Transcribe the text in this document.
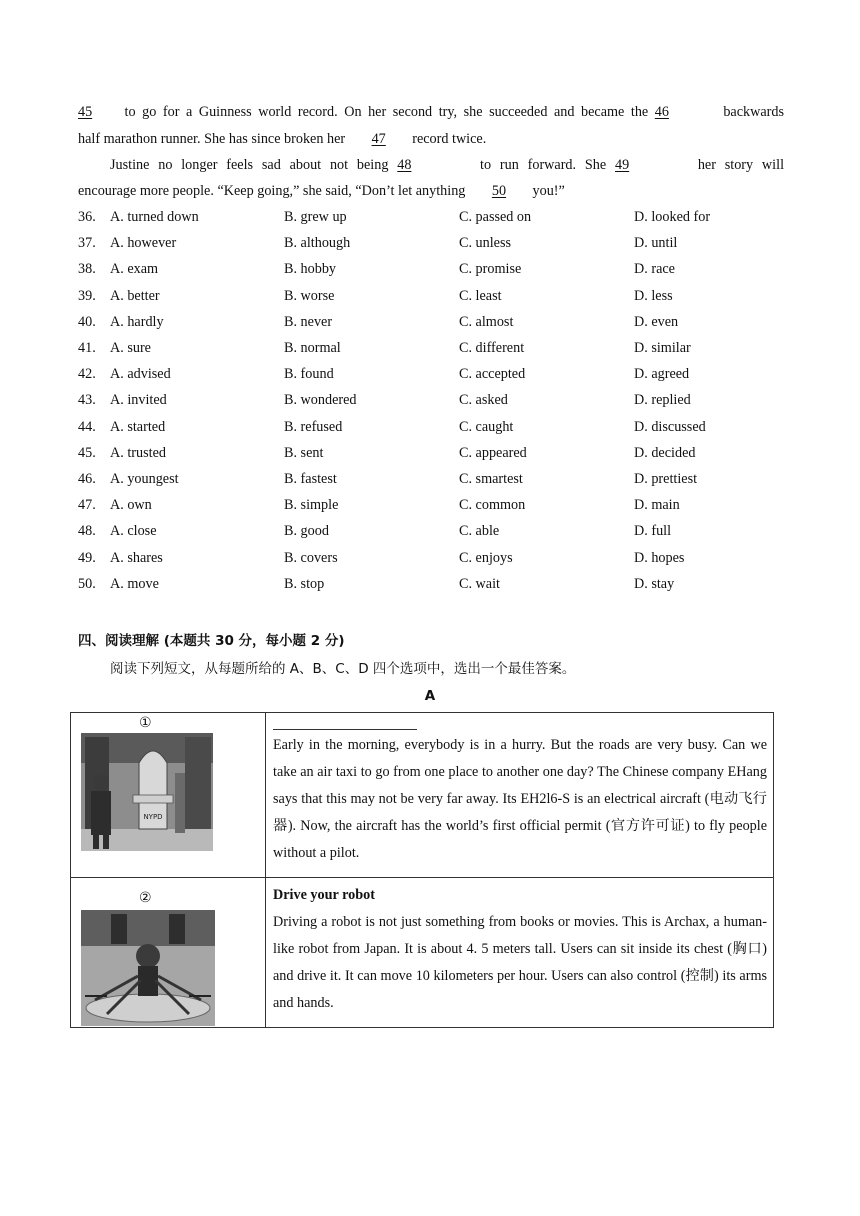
45 to go for a Guinness world record. On her second try, she succeeded and became the 46	backwards
half marathon runner. She has since broken her 47 record twice.
Justine no longer feels sad about not being 48	to run forward. She 49	her story will
encourage more people. “Keep going,” she said, “Don’t let anything 50 you!”
36. A. turned down	B. grew up	C. passed on	D. looked for
37. A. however	B. although	C. unless	D. until
38. A. exam	B. hobby	C. promise	D. race
39. A. better	B. worse	C. least	D. less
40. A. hardly	B. never	C. almost	D. even
41. A. sure	B. normal	C. different	D. similar
42. A. advised	B. found	C. accepted	D. agreed
43. A. invited	B. wondered	C. asked	D. replied
44. A. started	B. refused	C. caught	D. discussed
45. A. trusted	B. sent	C. appeared	D. decided
46. A. youngest	B. fastest	C. smartest	D. prettiest
47. A. own	B. simple	C. common	D. main
48. A. close	B. good	C. able	D. full
49. A. shares	B. covers	C. enjoys	D. hopes
50. A. move	B. stop	C. wait	D. stay
四、阅读理解 (本题共 30 分，每小题 2 分)
阅读下列短文，从每题所给的 A、B、C、D 四个选项中，选出一个最佳答案。
A
①
NYPD	Early in the morning, everybody is in a hurry. But the roads are very busy. Can we take an air taxi to go from one place to another one day? The Chinese company EHang says that this may not be very far away. Its EH2l6-S is an electrical aircraft (电动飞行器). Now, the aircraft has the world’s first official permit (官方许可证) to fly people without a pilot.

②	Drive your robot
Driving a robot is not just something from books or movies. This is Archax, a human-like robot from Japan. It is about 4. 5 meters tall. Users can sit inside its chest (胸口) and drive it. It can move 10 kilometers per hour. Users can also control (控制) its arms and hands.
